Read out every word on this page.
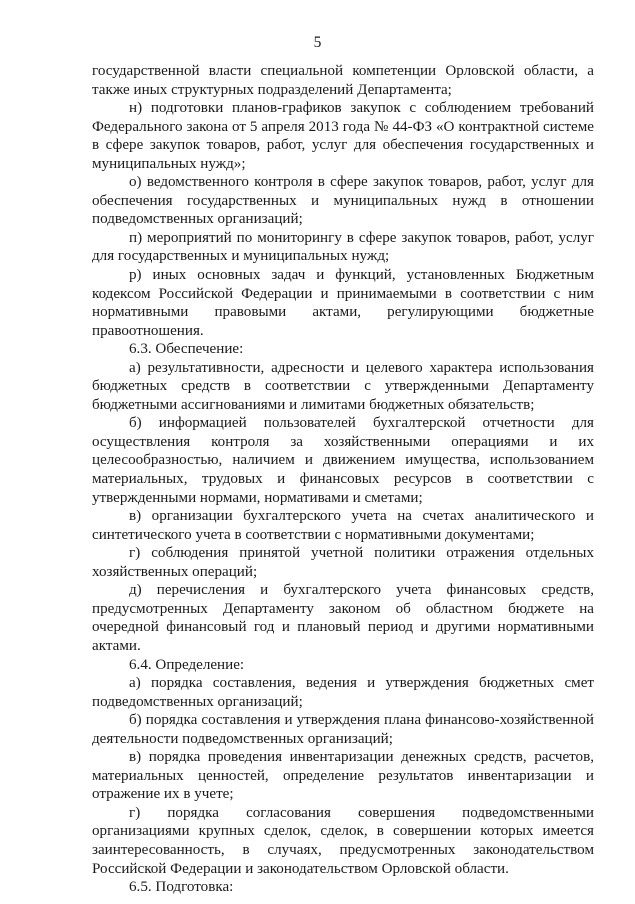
5

государственной власти специальной компетенции Орловской области, а также иных структурных подразделений Департамента;

н) подготовки планов-графиков закупок с соблюдением требований Федерального закона от 5 апреля 2013 года № 44-ФЗ «О контрактной системе в сфере закупок товаров, работ, услуг для обеспечения государственных и муниципальных нужд»;

о) ведомственного контроля в сфере закупок товаров, работ, услуг для обеспечения государственных и муниципальных нужд в отношении подведомственных организаций;

п) мероприятий по мониторингу в сфере закупок товаров, работ, услуг для государственных и муниципальных нужд;

р) иных основных задач и функций, установленных Бюджетным кодексом Российской Федерации и принимаемыми в соответствии с ним нормативными правовыми актами, регулирующими бюджетные правоотношения.

6.3. Обеспечение:

а) результативности, адресности и целевого характера использования бюджетных средств в соответствии с утвержденными Департаменту бюджетными ассигнованиями и лимитами бюджетных обязательств;

б) информацией пользователей бухгалтерской отчетности для осуществления контроля за хозяйственными операциями и их целесообразностью, наличием и движением имущества, использованием материальных, трудовых и финансовых ресурсов в соответствии с утвержденными нормами, нормативами и сметами;

в) организации бухгалтерского учета на счетах аналитического и синтетического учета в соответствии с нормативными документами;

г) соблюдения принятой учетной политики отражения отдельных хозяйственных операций;

д) перечисления и бухгалтерского учета финансовых средств, предусмотренных Департаменту законом об областном бюджете на очередной финансовый год и плановый период и другими нормативными актами.

6.4. Определение:

а) порядка составления, ведения и утверждения бюджетных смет подведомственных организаций;

б) порядка составления и утверждения плана финансово-хозяйственной деятельности подведомственных организаций;

в) порядка проведения инвентаризации денежных средств, расчетов, материальных ценностей, определение результатов инвентаризации и отражение их в учете;

г) порядка согласования совершения подведомственными организациями крупных сделок, сделок, в совершении которых имеется заинтересованность, в случаях, предусмотренных законодательством Российской Федерации и законодательством Орловской области.

6.5. Подготовка:
